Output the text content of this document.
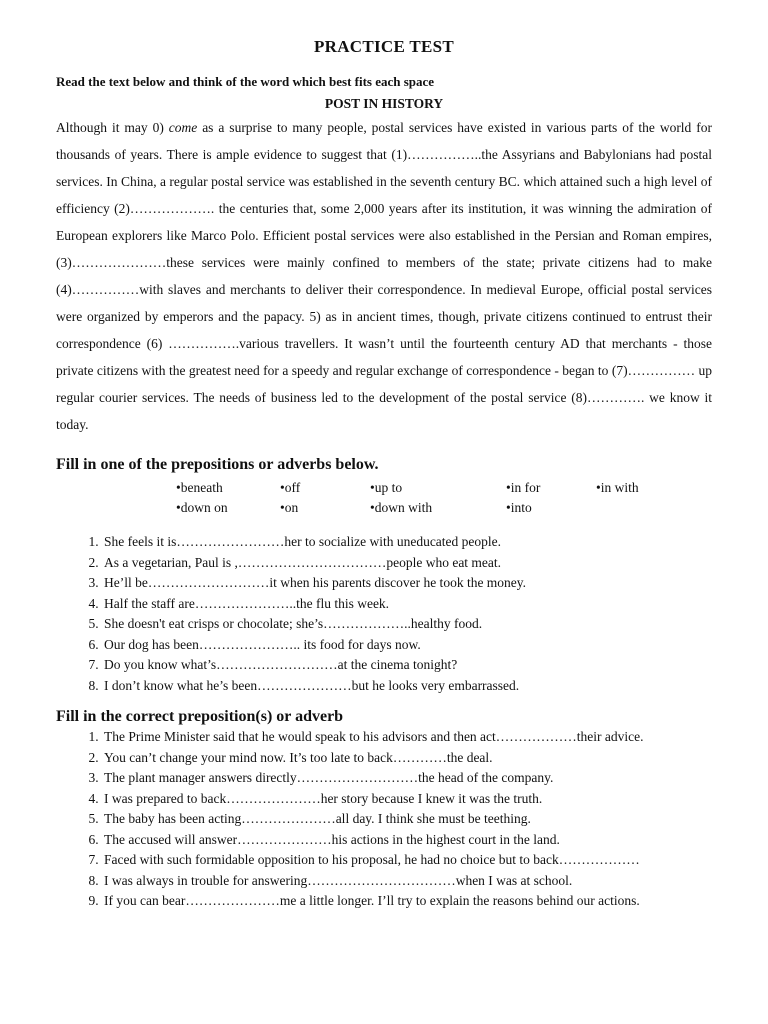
PRACTICE TEST

Read the text below and think of the word which best fits each space

POST IN HISTORY

Although it may 0) come as a surprise to many people, postal services have existed in various parts of the world for thousands of years. There is ample evidence to suggest that (1)……………..the Assyrians and Babylonians had postal services. In China, a regular postal service was established in the seventh century BC. which attained such a high level of efficiency (2)………………. the centuries that, some 2,000 years after its institution, it was winning the admiration of European explorers like Marco Polo. Efficient postal services were also established in the Persian and Roman empires, (3)…………………these services were mainly confined to members of the state; private citizens had to make (4)……………with slaves and merchants to deliver their correspondence. In medieval Europe, official postal services were organized by emperors and the papacy. 5) as in ancient times, though, private citizens continued to entrust their correspondence (6) …………….various travellers. It wasn’t until the fourteenth century AD that merchants - those private citizens with the greatest need for a speedy and regular exchange of correspondence - began to (7)…………… up regular courier services. The needs of business led to the development of the postal service (8)…………. we know it today.

Fill in one of the prepositions or adverbs below.
•beneath	•off	•up to	•in for	•in with
•down on	•on	•down with	•into
1. She feels it is……………………her to socialize with uneducated people.
2. As a vegetarian, Paul is ,……………………………people who eat meat.
3. He’ll be………………………it when his parents discover he took the money.
4. Half the staff are…………………..the flu this week.
5. She doesn't eat crisps or chocolate; she’s………………..healthy food.
6. Our dog has been………………….. its food for days now.
7. Do you know what’s………………………at the cinema tonight?
8. I don’t know what he’s been…………………but he looks very embarrassed.
Fill in the correct preposition(s) or adverb
1. The Prime Minister said that he would speak to his advisors and then act………………their advice.
2. You can’t change your mind now. It’s too late to back…………the deal.
3. The plant manager answers directly………………………the head of the company.
4. I was prepared to back…………………her story because I knew it was the truth.
5. The baby has been acting…………………all day. I think she must be teething.
6. The accused will answer…………………his actions in the highest court in the land.
7. Faced with such formidable opposition to his proposal, he had no choice but to back………………
8. I was always in trouble for answering……………………………when I was at school.
9. If you can bear…………………me a little longer. I’ll try to explain the reasons behind our actions.
